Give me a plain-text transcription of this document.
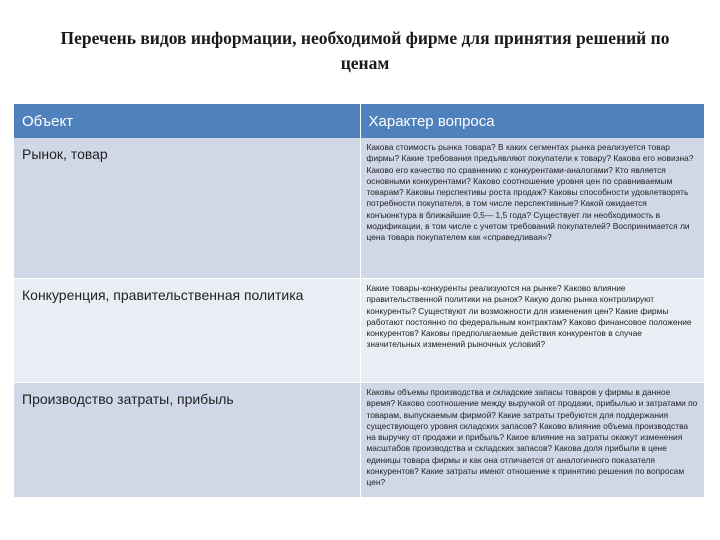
Перечень видов информации, необходимой фирме для принятия решений по ценам
Объект	Характер вопроса
Рынок, товар	Какова стоимость рынка товара? В каких сегментах рынка реализуется товар фирмы? Какие требования предъявляют покупатели к товару? Какова его новизна? Каково его качество по сравнению с конкурентами-аналогами? Кто является основными конкурентами? Каково соотношение уровня цен по сравниваемым товарам? Каковы перспективы роста продаж? Каковы способности удовлетворять потребности покупателя, в том числе перспективные? Какой ожидается конъюнктура в ближайшие 0,5— 1,5 года? Существует ли необходимость в модификации, в том числе с учетом требований покупателей? Воспринимается ли цена товара покупателем как «справедливая»?
Конкуренция, правительственная политика	Какие товары-конкуренты реализуются на рынке? Каково влияние правительственной политики на рынок? Какую долю рынка контролируют конкуренты? Существуют ли возможности для изменения цен? Какие фирмы работают постоянно по федеральным контрактам? Каково финансовое положение конкурентов? Каковы предполагаемые действия конкурентов в случае значительных изменений рыночных условий?
Производство затраты, прибыль	Каковы объемы производства и складские запасы товаров у фирмы в данное время? Каково соотношение между выручкой от продажи, прибылью и затратами по товарам, выпускаемым фирмой? Какие затраты требуются для поддержания существующего уровня складских запасов? Каково влияние объема производства на выручку от продажи и прибыль? Какое влияние на затраты окажут изменения масштабов производства и складских запасов? Какова доля прибыли в цене единицы товара фирмы и как она отличается от аналогичного показателя конкурентов? Какие затраты имеют отношение к принятию решения по вопросам цен?
